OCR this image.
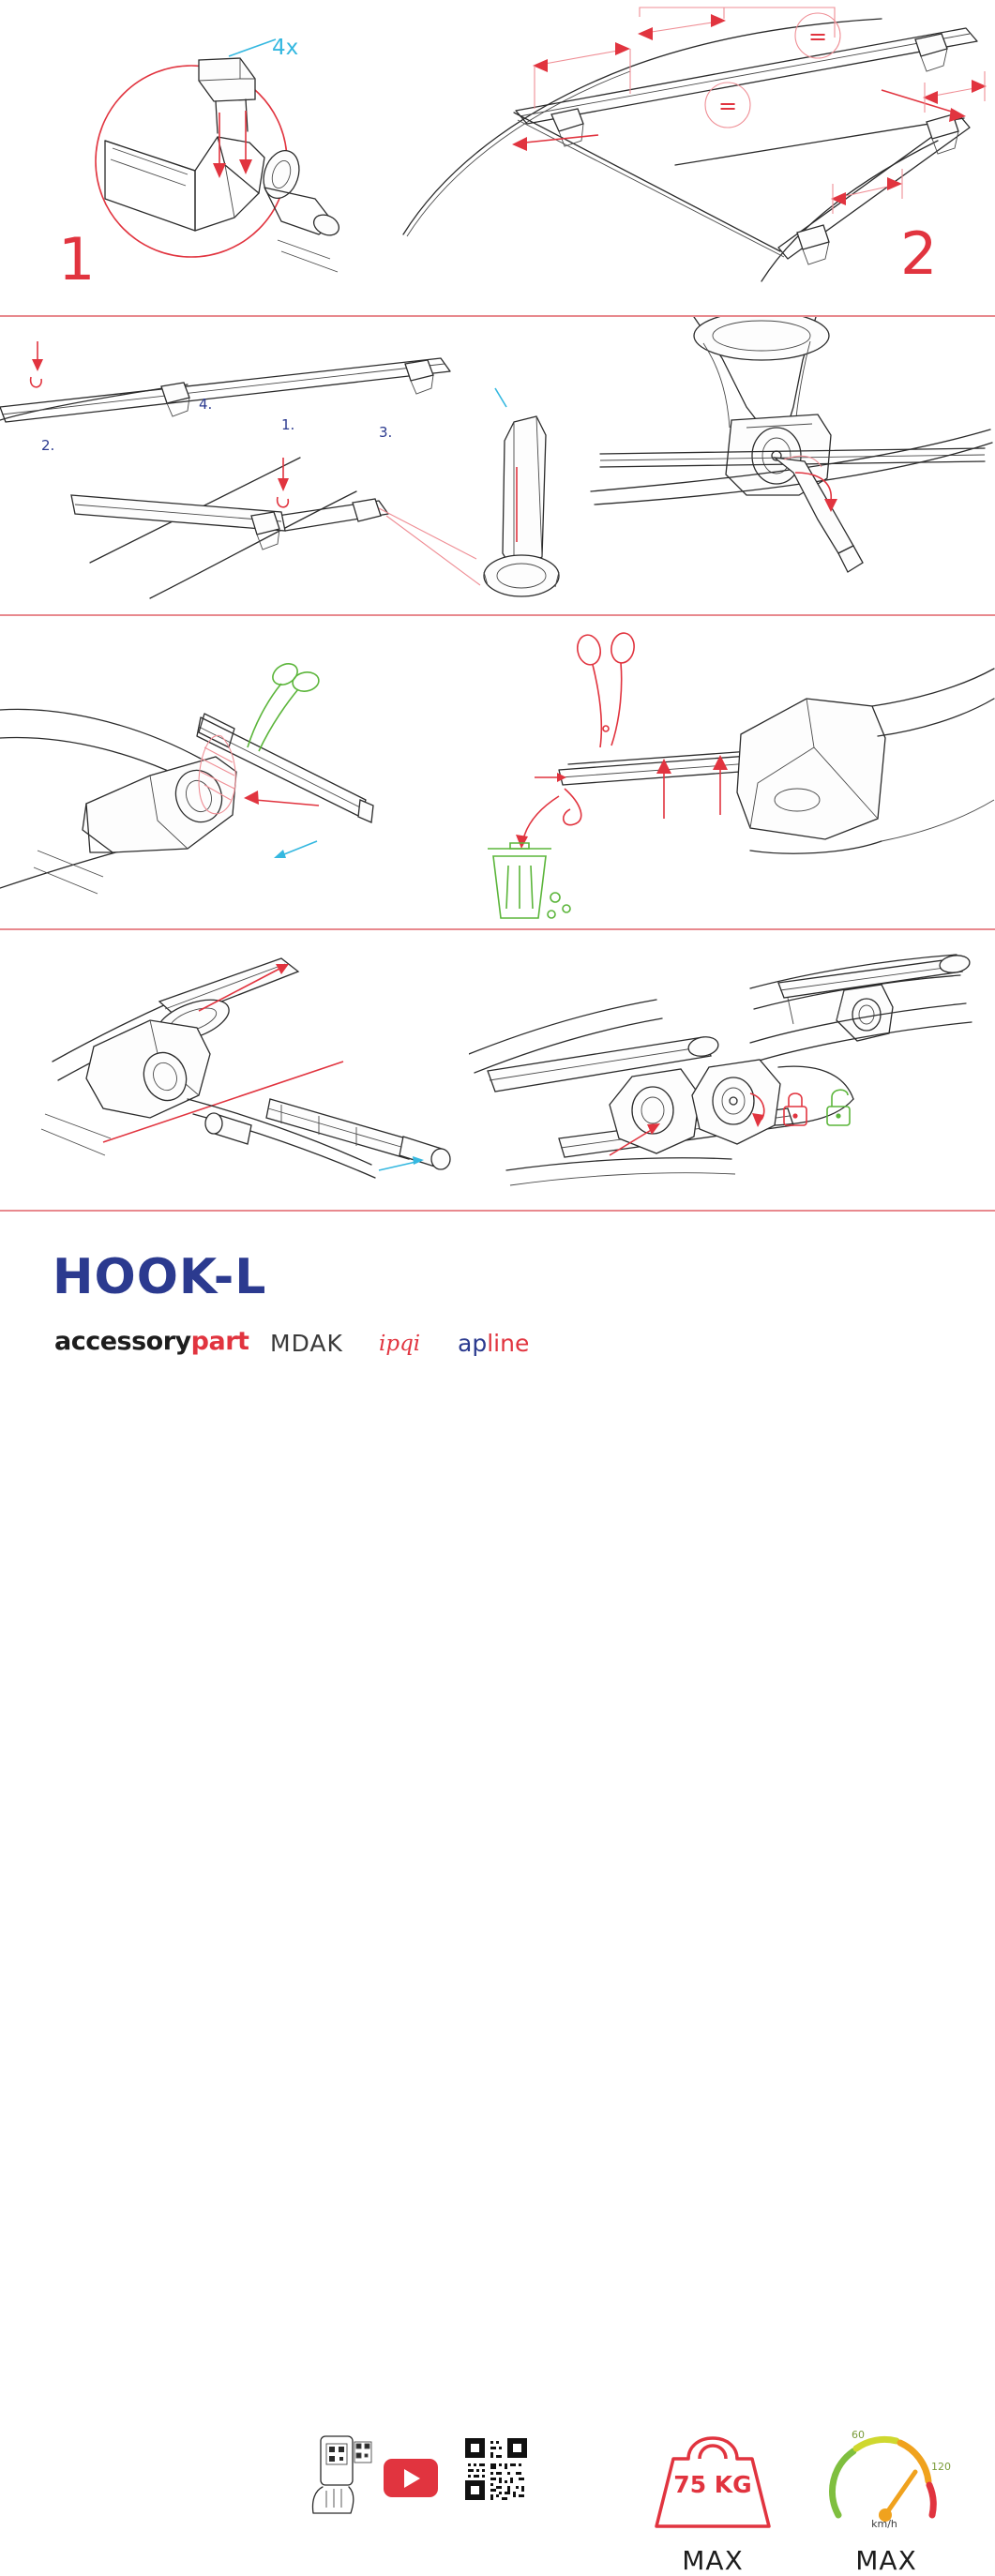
4x
1
=
=
2
2.
4.
3.
1.
75 KG
MAX
60
120
km/h
MAX
HOOK-L
accessorypart MDAK ipqi apline
